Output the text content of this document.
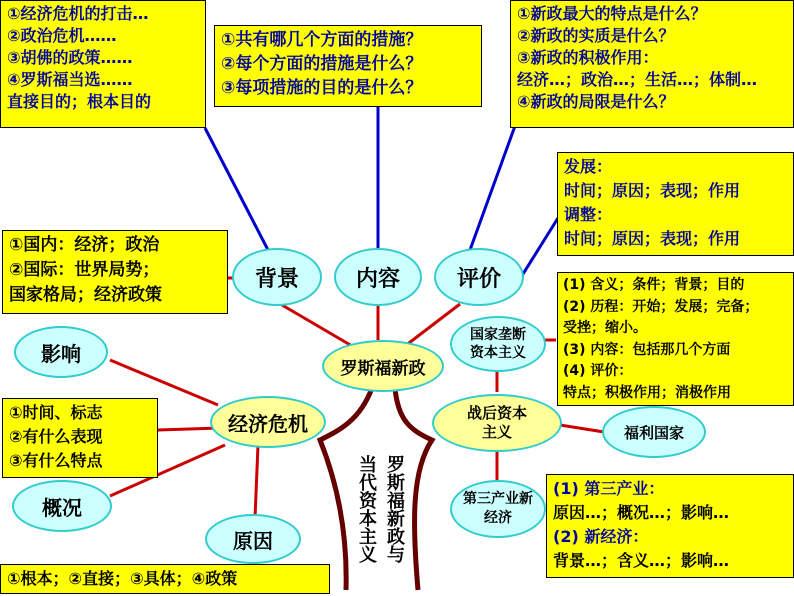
①经济危机的打击…
②政治危机……
③胡佛的政策……
④罗斯福当选……
直接目的；根本目的
①共有哪几个方面的措施？
②每个方面的措施是什么？
③每项措施的目的是什么？
①新政最大的特点是什么？
②新政的实质是什么？
③新政的积极作用：
经济…；政治…；生活…；体制…
④新政的局限是什么？
发展：
时间；原因；表现；作用
调整：
时间；原因；表现；作用
①国内：经济；政治
②国际：世界局势；
国家格局；经济政策	(1) 含义；条件；背景；目的
(2) 历程：开始；发展；完备；
受挫；缩小。
(3) 内容：包括那几个方面
(4) 评价：
特点；积极作用；消极作用
①时间、标志
②有什么表现
③有什么特点
(1) 第三产业：
原因…；概况…；影响…
(2) 新经济：
背景…；含义…；影响…
①根本；②直接；③具体；④政策
背景	内容	评价
罗斯福新政
影响
经济危机
概况
原因
国家垄断资本主义
战后资本主义	福利国家
第三产业新经济
罗斯福新政与
当代资本主义
